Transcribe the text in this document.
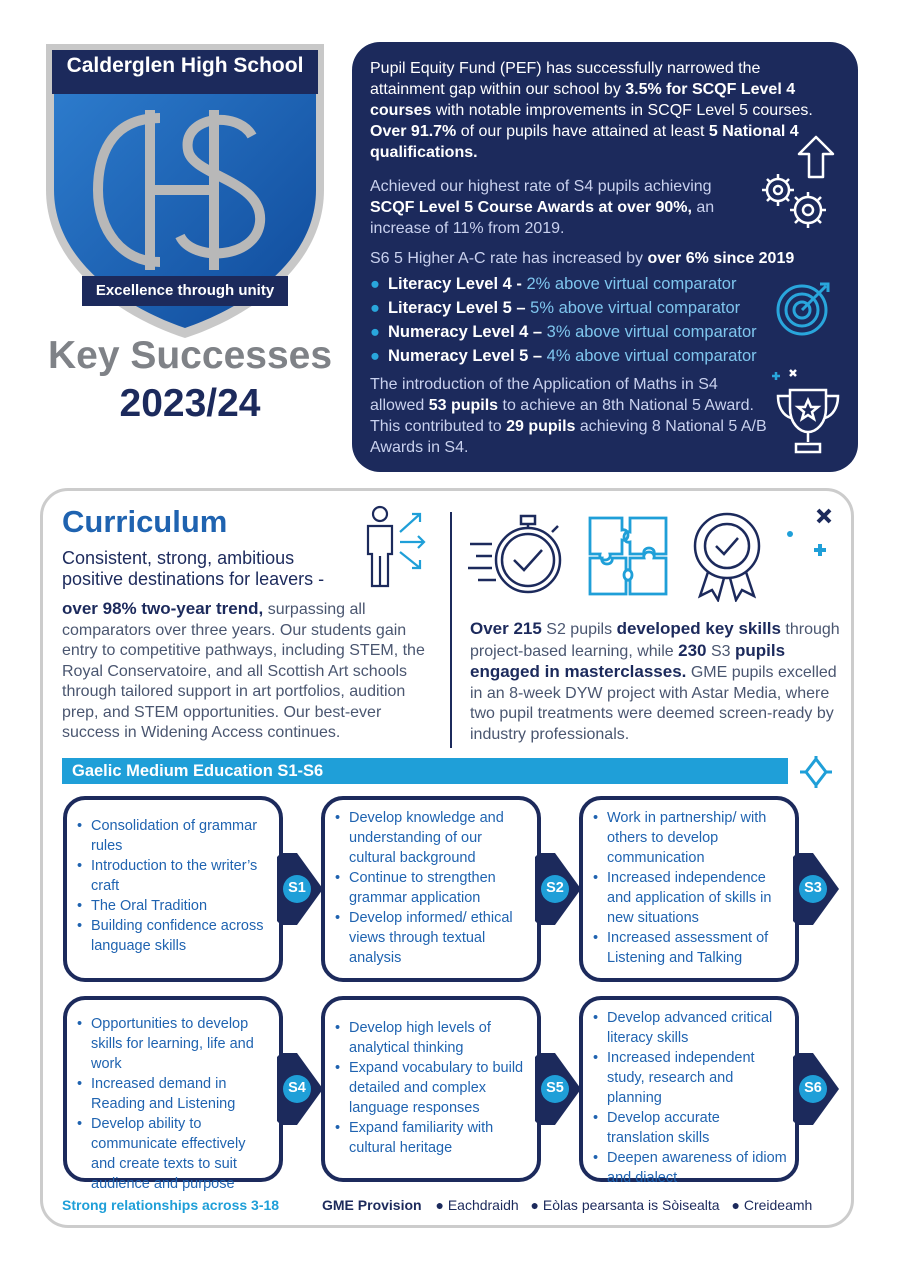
Calderglen High School
Excellence through unity
Key Successes
2023/24
Pupil Equity Fund (PEF) has successfully narrowed the attainment gap within our school by 3.5% for SCQF Level 4 courses with notable improvements in SCQF Level 5 courses. Over 91.7% of our pupils have attained at least 5 National 4 qualifications.
Achieved our highest rate of S4 pupils achieving SCQF Level 5 Course Awards at over 90%, an increase of 11% from 2019.
S6 5 Higher A-C rate has increased by over 6% since 2019
● Literacy Level 4 - 2% above virtual comparator
● Literacy Level 5 – 5% above virtual comparator
● Numeracy Level 4 – 3% above virtual comparator
● Numeracy Level 5 – 4% above virtual comparator
The introduction of the Application of Maths in S4 allowed 53 pupils to achieve an 8th National 5 Award. This contributed to 29 pupils achieving 8 National 5 A/B Awards in S4.
Curriculum
Consistent, strong, ambitious positive destinations for leavers -
over 98% two-year trend, surpassing all comparators over three years. Our students gain entry to competitive pathways, including STEM, the Royal Conservatoire, and all Scottish Art schools through tailored support in art portfolios, audition prep, and STEM opportunities. Our best-ever success in Widening Access continues.
Over 215 S2 pupils developed key skills through project-based learning, while 230 S3 pupils engaged in masterclasses. GME pupils excelled in an 8-week DYW project with Astar Media, where two pupil treatments were deemed screen-ready by industry professionals.
Gaelic Medium Education S1-S6
• Consolidation of grammar rules
• Introduction to the writer’s craft
• The Oral Tradition
• Building confidence across language skills
S1
• Develop knowledge and understanding of our cultural background
• Continue to strengthen grammar application
• Develop informed/ ethical views through textual analysis
S2
• Work in partnership/ with others to develop communication
• Increased independence and application of skills in new situations
• Increased assessment of Listening and Talking
S3
• Opportunities to develop skills for learning, life and work
• Increased demand in Reading and Listening
• Develop ability to communicate effectively and create texts to suit audience and purpose
S4
• Develop high levels of analytical thinking
• Expand vocabulary to build detailed and complex language responses
• Expand familiarity with cultural heritage
S5
• Develop advanced critical literacy skills
• Increased independent study, research and planning
• Develop accurate translation skills
• Deepen awareness of idiom and dialect
S6
Strong relationships across 3-18	GME Provision ● Eachdraidh ● Eòlas pearsanta is Sòisealta ● Creideamh
